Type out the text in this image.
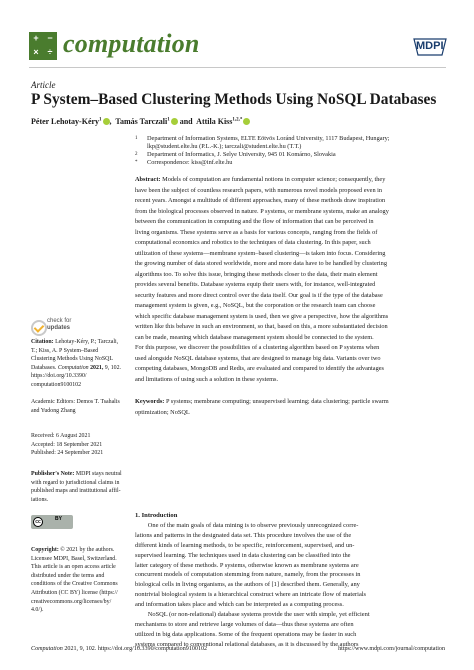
+ −
× ÷ computation	MDPI
Article
P System–Based Clustering Methods Using NoSQL Databases
Péter Lehotay-Kéry$^1$ ,  Tamás Tarczali$^1$ and  Attila Kiss$^{1,2,*}$
1 Department of Information Systems, ELTE Eötvös Loránd University, 1117 Budapest, Hungary;
lkp@student.elte.hu (P.L.-K.); tarczali@student.elte.hu (T.T.)
2 Department of Informatics, J. Selye University, 945 01 Komárno, Slovakia
* Correspondence: kiss@inf.elte.hu
Abstract: Models of computation are fundamental notions in computer science; consequently, they
have been the subject of countless research papers, with numerous novel models proposed even in
recent years. Amongst a multitude of different approaches, many of these methods draw inspiration
from the biological processes observed in nature. P systems, or membrane systems, make an analogy
between the communication in computing and the flow of information that can be perceived in
living organisms. These systems serve as a basis for various concepts, ranging from the fields of
computational economics and robotics to the techniques of data clustering. In this paper, such
utilization of these systems—membrane system–based clustering—is taken into focus. Considering
the growing number of data stored worldwide, more and more data have to be handled by clustering
algorithms too. To solve this issue, bringing these methods closer to the data, their main element
provides several benefits. Database systems equip their users with, for instance, well-integrated
security features and more direct control over the data itself. Our goal is if the type of the database
management system is given, e.g., NoSQL, but the corporation or the research team can choose
which specific database management system is used, then we give a perspective, how the algorithms
written like this behave in such an environment, so that, based on this, a more substantiated decision
can be made, meaning which database management system should be connected to the system.
For this purpose, we discover the possibilities of a clustering algorithm based on P systems when
used alongside NoSQL database systems, that are designed to manage big data. Variants over two
competing databases, MongoDB and Redis, are evaluated and compared to identify the advantages
and limitations of using such a solution in these systems.
Keywords: P systems; membrane computing; unsupervised learning; data clustering; particle swarm
optimization; NoSQL
check for
updates
Citation: Lehotay-Kéry, P.; Tarczali,
T.; Kiss, A. P System–Based
Clustering Methods Using NoSQL
Databases. Computation 2021, 9, 102.
https://doi.org/10.3390/
computation9100102
Academic Editors: Demos T. Tsahalis
and Yudong Zhang
Received: 6 August 2021
Accepted: 18 September 2021
Published: 24 September 2021
Publisher's Note: MDPI stays neutral
with regard to jurisdictional claims in
published maps and institutional affil-
iations.
cc	BY
Copyright: © 2021 by the authors.
Licensee MDPI, Basel, Switzerland.
This article is an open access article
distributed under the terms and
conditions of the Creative Commons
Attribution (CC BY) license (https://
creativecommons.org/licenses/by/
4.0/).
1. Introduction
One of the main goals of data mining is to observe previously unrecognized corre-
lations and patterns in the designated data set. This procedure involves the use of the
different kinds of learning methods, to be specific, reinforcement, supervised, and un-
supervised learning. The techniques used in data clustering can be classified into the
latter category of these methods. P systems, otherwise known as membrane systems are
concurrent models of computation stemming from nature, namely, from the processes in
biological cells in living organisms, as the authors of [1] described them. Generally, any
nontrivial biological system is a hierarchical construct where an intricate flow of materials
and information takes place and which can be interpreted as a computing process.
NoSQL (or non-relational) database systems provide the user with simple, yet efficient
mechanisms to store and retrieve large volumes of data—thus these systems are often
utilized in big data applications. Some of the frequent operations may be faster in such
systems compared to conventional relational databases, as it is discussed by the authors
Computation 2021, 9, 102. https://doi.org/10.3390/computation9100102	https://www.mdpi.com/journal/computation
